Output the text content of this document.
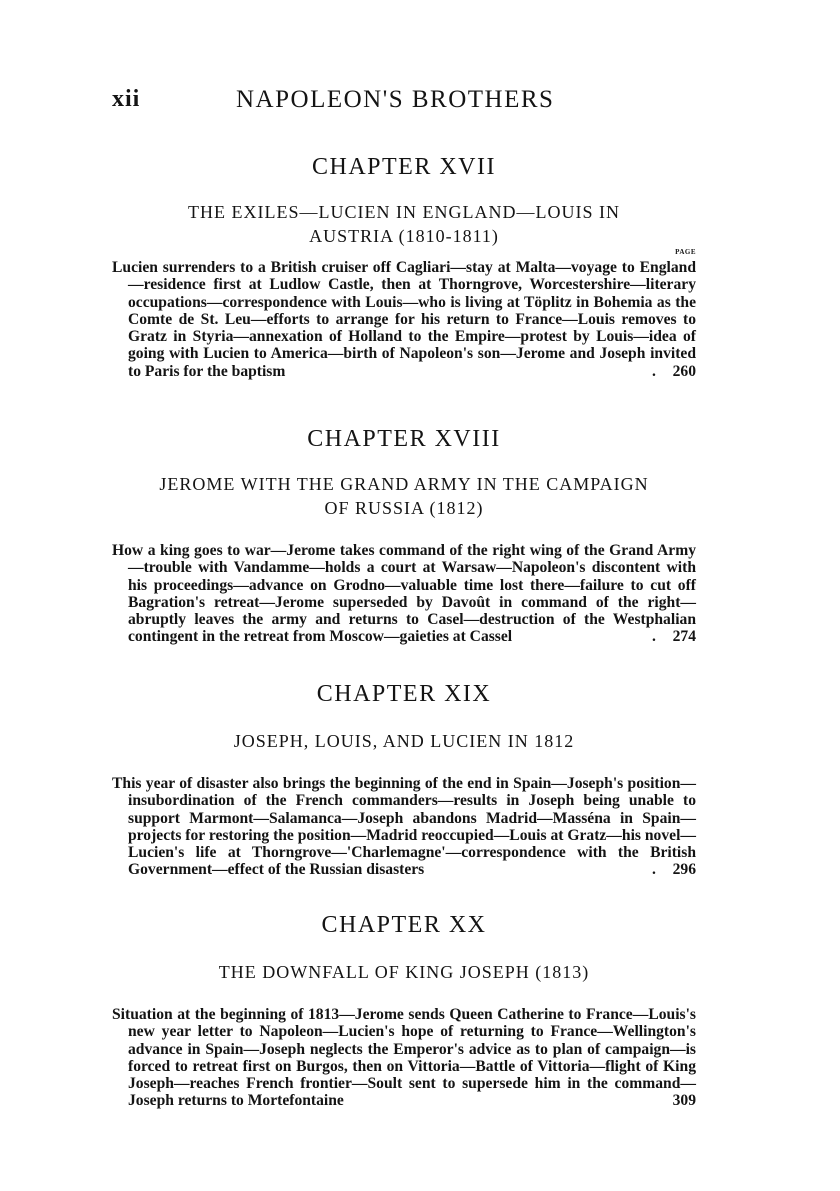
xii	NAPOLEON'S BROTHERS
CHAPTER XVII
THE EXILES—LUCIEN IN ENGLAND—LOUIS IN
AUSTRIA (1810-1811)
PAGE

Lucien surrenders to a British cruiser off Cagliari—stay at Malta—voyage to England—residence first at Ludlow Castle, then at Thorngrove, Worcestershire—literary occupations—correspondence with Louis—who is living at Töplitz in Bohemia as the Comte de St. Leu—efforts to arrange for his return to France—Louis removes to Gratz in Styria—annexation of Holland to the Empire—protest by Louis—idea of going with Lucien to America—birth of Napoleon's son—Jerome and Joseph invited to Paris for the baptism	.	260

CHAPTER XVIII
JEROME WITH THE GRAND ARMY IN THE CAMPAIGN
OF RUSSIA (1812)

How a king goes to war—Jerome takes command of the right wing of the Grand Army—trouble with Vandamme—holds a court at Warsaw—Napoleon's discontent with his proceedings—advance on Grodno—valuable time lost there—failure to cut off Bagration's retreat—Jerome superseded by Davoût in command of the right—abruptly leaves the army and returns to Casel—destruction of the Westphalian contingent in the retreat from Moscow—gaieties at Cassel	.	274

CHAPTER XIX
JOSEPH, LOUIS, AND LUCIEN IN 1812

This year of disaster also brings the beginning of the end in Spain—Joseph's position—insubordination of the French commanders—results in Joseph being unable to support Marmont—Salamanca—Joseph abandons Madrid—Masséna in Spain—projects for restoring the position—Madrid reoccupied—Louis at Gratz—his novel—Lucien's life at Thorngrove—'Charlemagne'—correspondence with the British Government—effect of the Russian disasters	.	296

CHAPTER XX
THE DOWNFALL OF KING JOSEPH (1813)

Situation at the beginning of 1813—Jerome sends Queen Catherine to France—Louis's new year letter to Napoleon—Lucien's hope of returning to France—Wellington's advance in Spain—Joseph neglects the Emperor's advice as to plan of campaign—is forced to retreat first on Burgos, then on Vittoria—Battle of Vittoria—flight of King Joseph—reaches French frontier—Soult sent to supersede him in the command—Joseph returns to Mortefontaine	309
